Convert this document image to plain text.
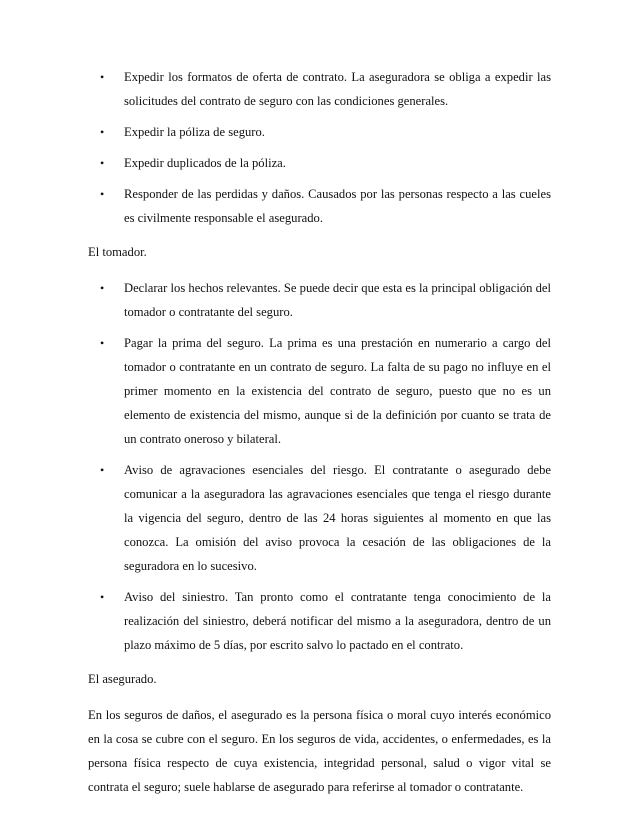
• Expedir los formatos de oferta de contrato. La aseguradora se obliga a expedir las solicitudes del contrato de seguro con las condiciones generales.
• Expedir la póliza de seguro.
• Expedir duplicados de la póliza.
• Responder de las perdidas y daños. Causados por las personas respecto a las cueles es civilmente responsable el asegurado.
El tomador.
• Declarar los hechos relevantes. Se puede decir que esta es la principal obligación del tomador o contratante del seguro.
• Pagar la prima del seguro. La prima es una prestación en numerario a cargo del tomador o contratante en un contrato de seguro. La falta de su pago no influye en el primer momento en la existencia del contrato de seguro, puesto que no es un elemento de existencia del mismo, aunque si de la definición por cuanto se trata de un contrato oneroso y bilateral.
• Aviso de agravaciones esenciales del riesgo. El contratante o asegurado debe comunicar a la aseguradora las agravaciones esenciales que tenga el riesgo durante la vigencia del seguro, dentro de las 24 horas siguientes al momento en que las conozca. La omisión del aviso provoca la cesación de las obligaciones de la seguradora en lo sucesivo.
• Aviso del siniestro. Tan pronto como el contratante tenga conocimiento de la realización del siniestro, deberá notificar del mismo a la aseguradora, dentro de un plazo máximo de 5 días, por escrito salvo lo pactado en el contrato.
El asegurado.
En los seguros de daños, el asegurado es la persona física o moral cuyo interés económico en la cosa se cubre con el seguro. En los seguros de vida, accidentes, o enfermedades, es la persona física respecto de cuya existencia, integridad personal, salud o vigor vital se contrata el seguro; suele hablarse de asegurado para referirse al tomador o contratante.
